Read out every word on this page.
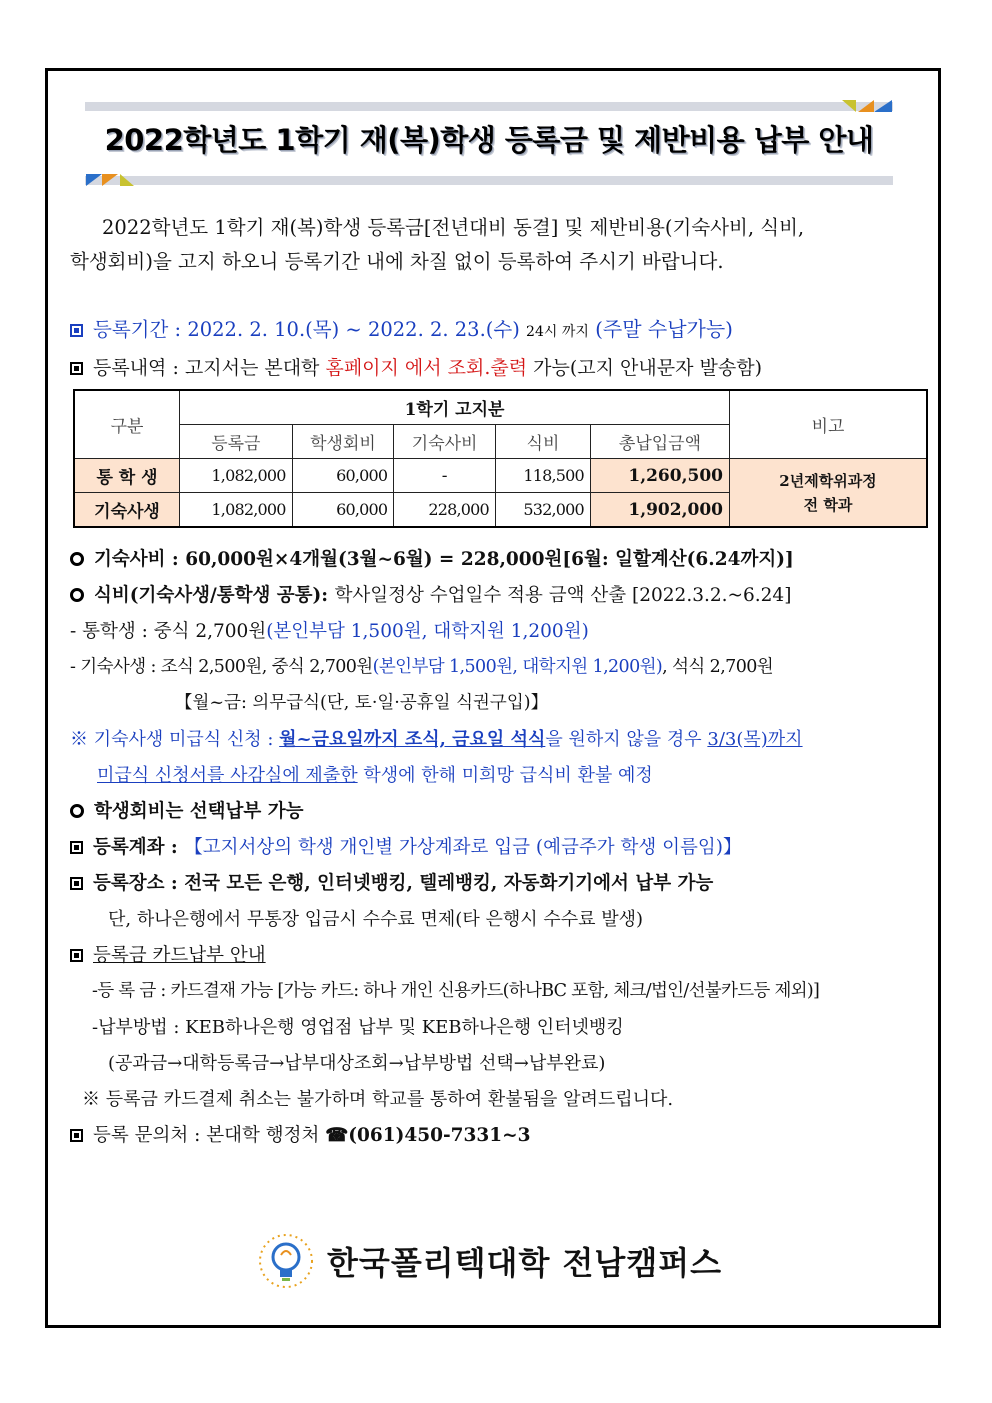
2022학년도 1학기 재(복)학생 등록금 및 제반비용 납부 안내
2022학년도 1학기 재(복)학생 등록금[전년대비 동결] 및 제반비용(기숙사비, 식비,
학생회비)을 고지 하오니 등록기간 내에 차질 없이 등록하여 주시기 바랍니다.
등록기간 : 2022. 2. 10.(목) ~ 2022. 2. 23.(수) 24시 까지 (주말 수납가능)
등록내역 : 고지서는 본대학 홈페이지 에서 조회.출력 가능(고지 안내문자 발송함)
구분	1학기 고지분					비고
	등록금	학생회비	기숙사비	식비	총납입금액	
통 학 생	1,082,000	60,000	-	118,500	1,260,500	2년제학위과정
전 학과

기숙사생	1,082,000	60,000	228,000	532,000	1,902,000	
기숙사비 : 60,000원×4개월(3월~6월) = 228,000원[6월: 일할계산(6.24까지)]
식비(기숙사생/통학생 공통): 학사일정상 수업일수 적용 금액 산출 [2022.3.2.~6.24]
- 통학생 : 중식 2,700원(본인부담 1,500원, 대학지원 1,200원)
- 기숙사생 : 조식 2,500원, 중식 2,700원(본인부담 1,500원, 대학지원 1,200원), 석식 2,700원
【월~금: 의무급식(단, 토·일·공휴일 식권구입)】
※ 기숙사생 미급식 신청 : 월~금요일까지 조식, 금요일 석식을 원하지 않을 경우 3/3(목)까지
미급식 신청서를 사감실에 제출한 학생에 한해 미희망 급식비 환불 예정
학생회비는 선택납부 가능
등록계좌 : 【고지서상의 학생 개인별 가상계좌로 입금 (예금주가 학생 이름임)】
등록장소 : 전국 모든 은행, 인터넷뱅킹, 텔레뱅킹, 자동화기기에서 납부 가능
단, 하나은행에서 무통장 입금시 수수료 면제(타 은행시 수수료 발생)
등록금 카드납부 안내
-등 록 금 : 카드결재 가능 [가능 카드: 하나 개인 신용카드(하나BC 포함, 체크/법인/선불카드등 제외)]
-납부방법 : KEB하나은행 영업점 납부 및 KEB하나은행 인터넷뱅킹
(공과금→대학등록금→납부대상조회→납부방법 선택→납부완료)
※ 등록금 카드결제 취소는 불가하며 학교를 통하여 환불됨을 알려드립니다.
등록 문의처 : 본대학 행정처 ☎(061)450-7331~3
한국폴리텍대학 전남캠퍼스
